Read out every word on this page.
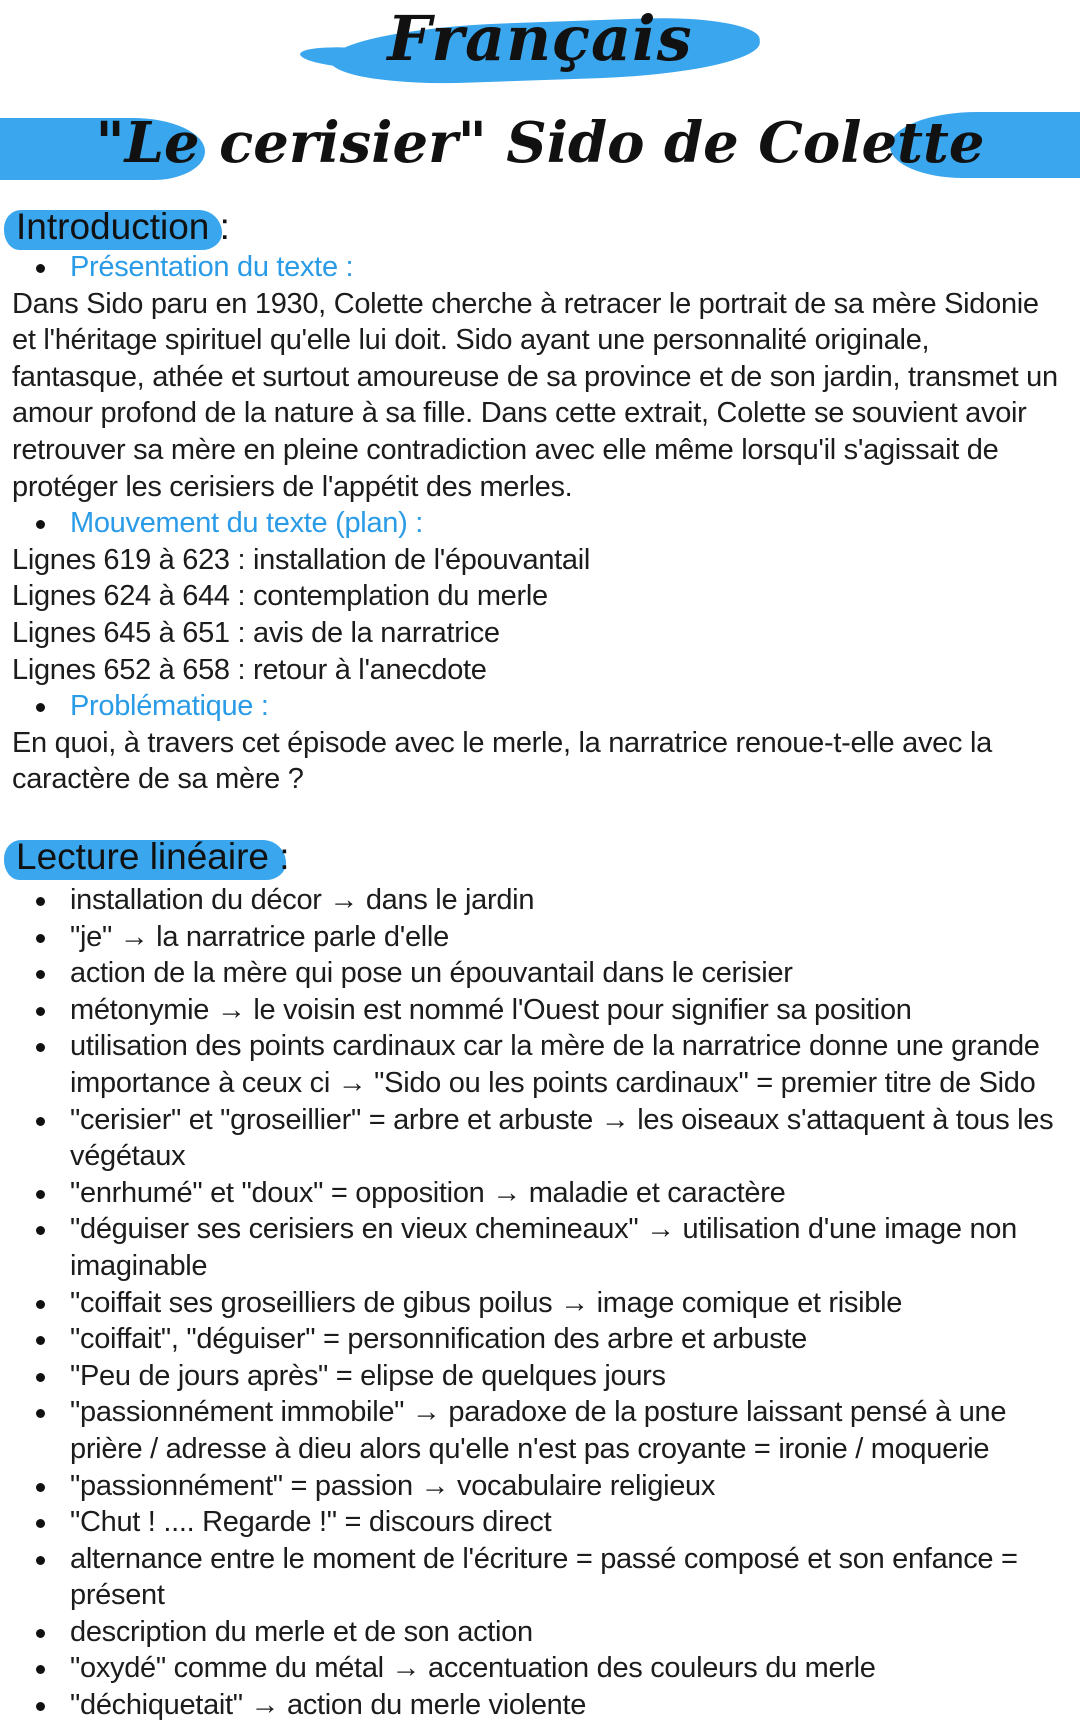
Français
"Le cerisier" Sido de Colette
Introduction :
Présentation du texte :

Dans Sido paru en 1930, Colette cherche à retracer le portrait de sa mère Sidonie et l'héritage spirituel qu'elle lui doit. Sido ayant une personnalité originale, fantasque, athée et surtout amoureuse de sa province et de son jardin, transmet un amour profond de la nature à sa fille. Dans cette extrait, Colette se souvient avoir retrouver sa mère en pleine contradiction avec elle même lorsqu'il s'agissait de protéger les cerisiers de l'appétit des merles.

Mouvement du texte (plan) :
Lignes 619 à 623 : installation de l'épouvantail
Lignes 624 à 644 : contemplation du merle
Lignes 645 à 651 : avis de la narratrice
Lignes 652 à 658 : retour à l'anecdote
Problématique :

En quoi, à travers cet épisode avec le merle, la narratrice renoue-t-elle avec la caractère de sa mère ?

Lecture linéaire :
installation du décor → dans le jardin
"je" → la narratrice parle d'elle
action de la mère qui pose un épouvantail dans le cerisier
métonymie → le voisin est nommé l'Ouest pour signifier sa position
utilisation des points cardinaux car la mère de la narratrice donne une grande importance à ceux ci → "Sido ou les points cardinaux" = premier titre de Sido
"cerisier" et "groseillier" = arbre et arbuste → les oiseaux s'attaquent à tous les végétaux
"enrhumé" et "doux" = opposition → maladie et caractère
"déguiser ses cerisiers en vieux chemineaux" → utilisation d'une image non imaginable
"coiffait ses groseilliers de gibus poilus → image comique et risible
"coiffait", "déguiser" = personnification des arbre et arbuste
"Peu de jours après" = elipse de quelques jours
"passionnément immobile" → paradoxe de la posture laissant pensé à une prière / adresse à dieu alors qu'elle n'est pas croyante = ironie / moquerie
"passionnément" = passion → vocabulaire religieux
"Chut ! .... Regarde !" = discours direct
alternance entre le moment de l'écriture = passé composé et son enfance = présent
description du merle et de son action
"oxydé" comme du métal → accentuation des couleurs du merle
"déchiquetait" → action du merle violente
